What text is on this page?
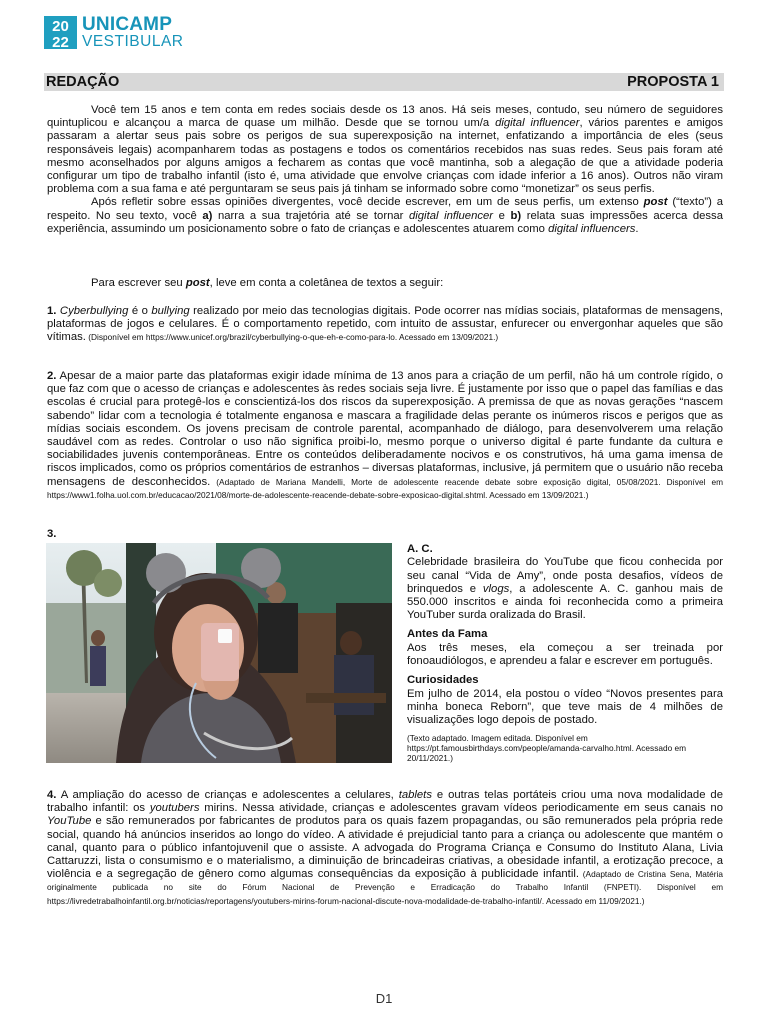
20
22
UNICAMP
VESTIBULAR
REDAÇÃO	PROPOSTA 1

Você tem 15 anos e tem conta em redes sociais desde os 13 anos. Há seis meses, contudo, seu número de seguidores quintuplicou e alcançou a marca de quase um milhão. Desde que se tornou um/a digital influencer, vários parentes e amigos passaram a alertar seus pais sobre os perigos de sua superexposição na internet, enfatizando a importância de eles (seus responsáveis legais) acompanharem todas as postagens e todos os comentários recebidos nas suas redes. Seus pais foram até mesmo aconselhados por alguns amigos a fecharem as contas que você mantinha, sob a alegação de que a atividade poderia configurar um tipo de trabalho infantil (isto é, uma atividade que envolve crianças com idade inferior a 16 anos). Outros não viram problema com a sua fama e até perguntaram se seus pais já tinham se informado sobre como “monetizar” os seus perfis.

Após refletir sobre essas opiniões divergentes, você decide escrever, em um de seus perfis, um extenso post (“texto”) a respeito. No seu texto, você a) narra a sua trajetória até se tornar digital influencer e b) relata suas impressões acerca dessa experiência, assumindo um posicionamento sobre o fato de crianças e adolescentes atuarem como digital influencers.

Para escrever seu post, leve em conta a coletânea de textos a seguir:

1. Cyberbullying é o bullying realizado por meio das tecnologias digitais. Pode ocorrer nas mídias sociais, plataformas de mensagens, plataformas de jogos e celulares. É o comportamento repetido, com intuito de assustar, enfurecer ou envergonhar aqueles que são vítimas. (Disponível em https://www.unicef.org/brazil/cyberbullying-o-que-eh-e-como-para-lo. Acessado em 13/09/2021.)

2. Apesar de a maior parte das plataformas exigir idade mínima de 13 anos para a criação de um perfil, não há um controle rígido, o que faz com que o acesso de crianças e adolescentes às redes sociais seja livre. É justamente por isso que o papel das famílias e das escolas é crucial para protegê-los e conscientizá-los dos riscos da superexposição. A premissa de que as novas gerações “nascem sabendo” lidar com a tecnologia é totalmente enganosa e mascara a fragilidade delas perante os inúmeros riscos e perigos que as mídias sociais escondem. Os jovens precisam de controle parental, acompanhado de diálogo, para desenvolverem uma relação saudável com as redes. Controlar o uso não significa proibi-lo, mesmo porque o universo digital é parte fundante da cultura e sociabilidades juvenis contemporâneas. Entre os conteúdos deliberadamente nocivos e os construtivos, há uma gama imensa de riscos implicados, como os próprios comentários de estranhos – diversas plataformas, inclusive, já permitem que o usuário não receba mensagens de desconhecidos. (Adaptado de Mariana Mandelli, Morte de adolescente reacende debate sobre exposição digital, 05/08/2021. Disponível em https://www1.folha.uol.com.br/educacao/2021/08/morte-de-adolescente-reacende-debate-sobre-exposicao-digital.shtml. Acessado em 13/09/2021.)

3.
A. C.

Celebridade brasileira do YouTube que ficou conhecida por seu canal “Vida de Amy”, onde posta desafios, vídeos de brinquedos e vlogs, a adolescente A. C. ganhou mais de 550.000 inscritos e ainda foi reconhecida como a primeira YouTuber surda oralizada do Brasil.

Antes da Fama

Aos três meses, ela começou a ser treinada por fonoaudiólogos, e aprendeu a falar e escrever em português.

Curiosidades

Em julho de 2014, ela postou o vídeo “Novos presentes para minha boneca Reborn”, que teve mais de 4 milhões de visualizações logo depois de postado.

(Texto adaptado. Imagem editada. Disponível em https://pt.famousbirthdays.com/people/amanda-carvalho.html. Acessado em 20/11/2021.)

4. A ampliação do acesso de crianças e adolescentes a celulares, tablets e outras telas portáteis criou uma nova modalidade de trabalho infantil: os youtubers mirins. Nessa atividade, crianças e adolescentes gravam vídeos periodicamente em seus canais no YouTube e são remunerados por fabricantes de produtos para os quais fazem propagandas, ou são remunerados pela própria rede social, quando há anúncios inseridos ao longo do vídeo. A atividade é prejudicial tanto para a criança ou adolescente que mantém o canal, quanto para o público infantojuvenil que o assiste. A advogada do Programa Criança e Consumo do Instituto Alana, Livia Cattaruzzi, lista o consumismo e o materialismo, a diminuição de brincadeiras criativas, a obesidade infantil, a erotização precoce, a violência e a segregação de gênero como algumas consequências da exposição à publicidade infantil. (Adaptado de Cristina Sena, Matéria originalmente publicada no site do Fórum Nacional de Prevenção e Erradicação do Trabalho Infantil (FNPETI). Disponível em https://livredetrabalhoinfantil.org.br/noticias/reportagens/youtubers-mirins-forum-nacional-discute-nova-modalidade-de-trabalho-infantil/. Acessado em 11/09/2021.)

D1
